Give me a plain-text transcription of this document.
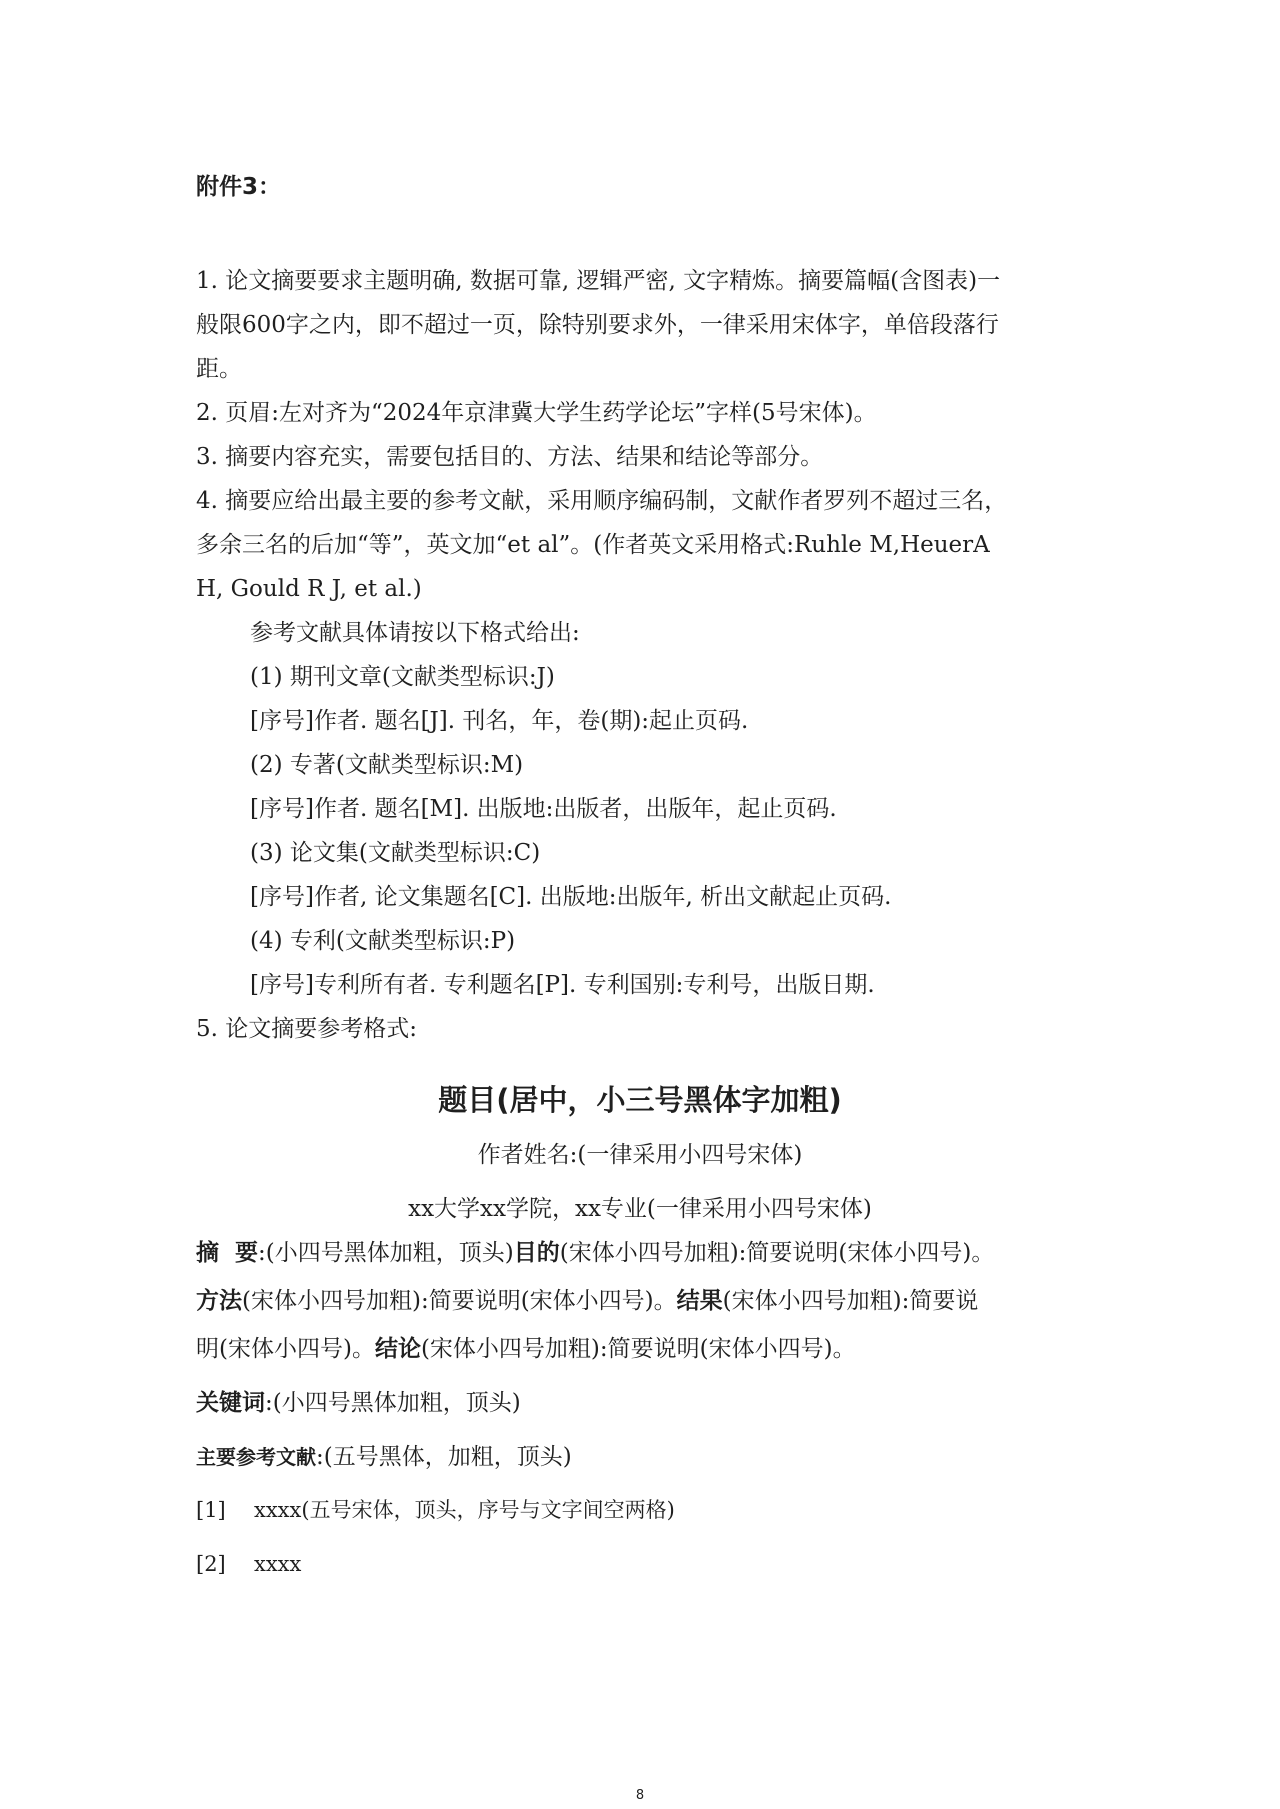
附件3：
1. 论文摘要要求主题明确, 数据可靠, 逻辑严密, 文字精炼。摘要篇幅(含图表)一
般限600字之内，即不超过一页，除特别要求外，一律采用宋体字，单倍段落行
距。
2. 页眉:左对齐为“2024年京津冀大学生药学论坛”字样(5号宋体)。
3. 摘要内容充实，需要包括目的、方法、结果和结论等部分。
4. 摘要应给出最主要的参考文献，采用顺序编码制，文献作者罗列不超过三名，
多余三名的后加“等”，英文加“et al”。(作者英文采用格式:Ruhle M,HeuerA
H, Gould R J, et al.)
参考文献具体请按以下格式给出:
(1) 期刊文章(文献类型标识:J)
[序号]作者. 题名[J]. 刊名，年，卷(期):起止页码.
(2) 专著(文献类型标识:M)
[序号]作者. 题名[M]. 出版地:出版者，出版年，起止页码.
(3) 论文集(文献类型标识:C)
[序号]作者, 论文集题名[C]. 出版地:出版年, 析出文献起止页码.
(4) 专利(文献类型标识:P)
[序号]专利所有者. 专利题名[P]. 专利国别:专利号，出版日期.
5. 论文摘要参考格式:
题目(居中，小三号黑体字加粗)
作者姓名:(一律采用小四号宋体)
xx大学xx学院，xx专业(一律采用小四号宋体)
摘  要:(小四号黑体加粗，顶头)目的(宋体小四号加粗):简要说明(宋体小四号)。
方法(宋体小四号加粗):简要说明(宋体小四号)。结果(宋体小四号加粗):简要说
明(宋体小四号)。结论(宋体小四号加粗):简要说明(宋体小四号)。
关键词:(小四号黑体加粗，顶头)
主要参考文献:(五号黑体，加粗，顶头)
[1] xxxx(五号宋体，顶头，序号与文字间空两格)
[2] xxxx
8
